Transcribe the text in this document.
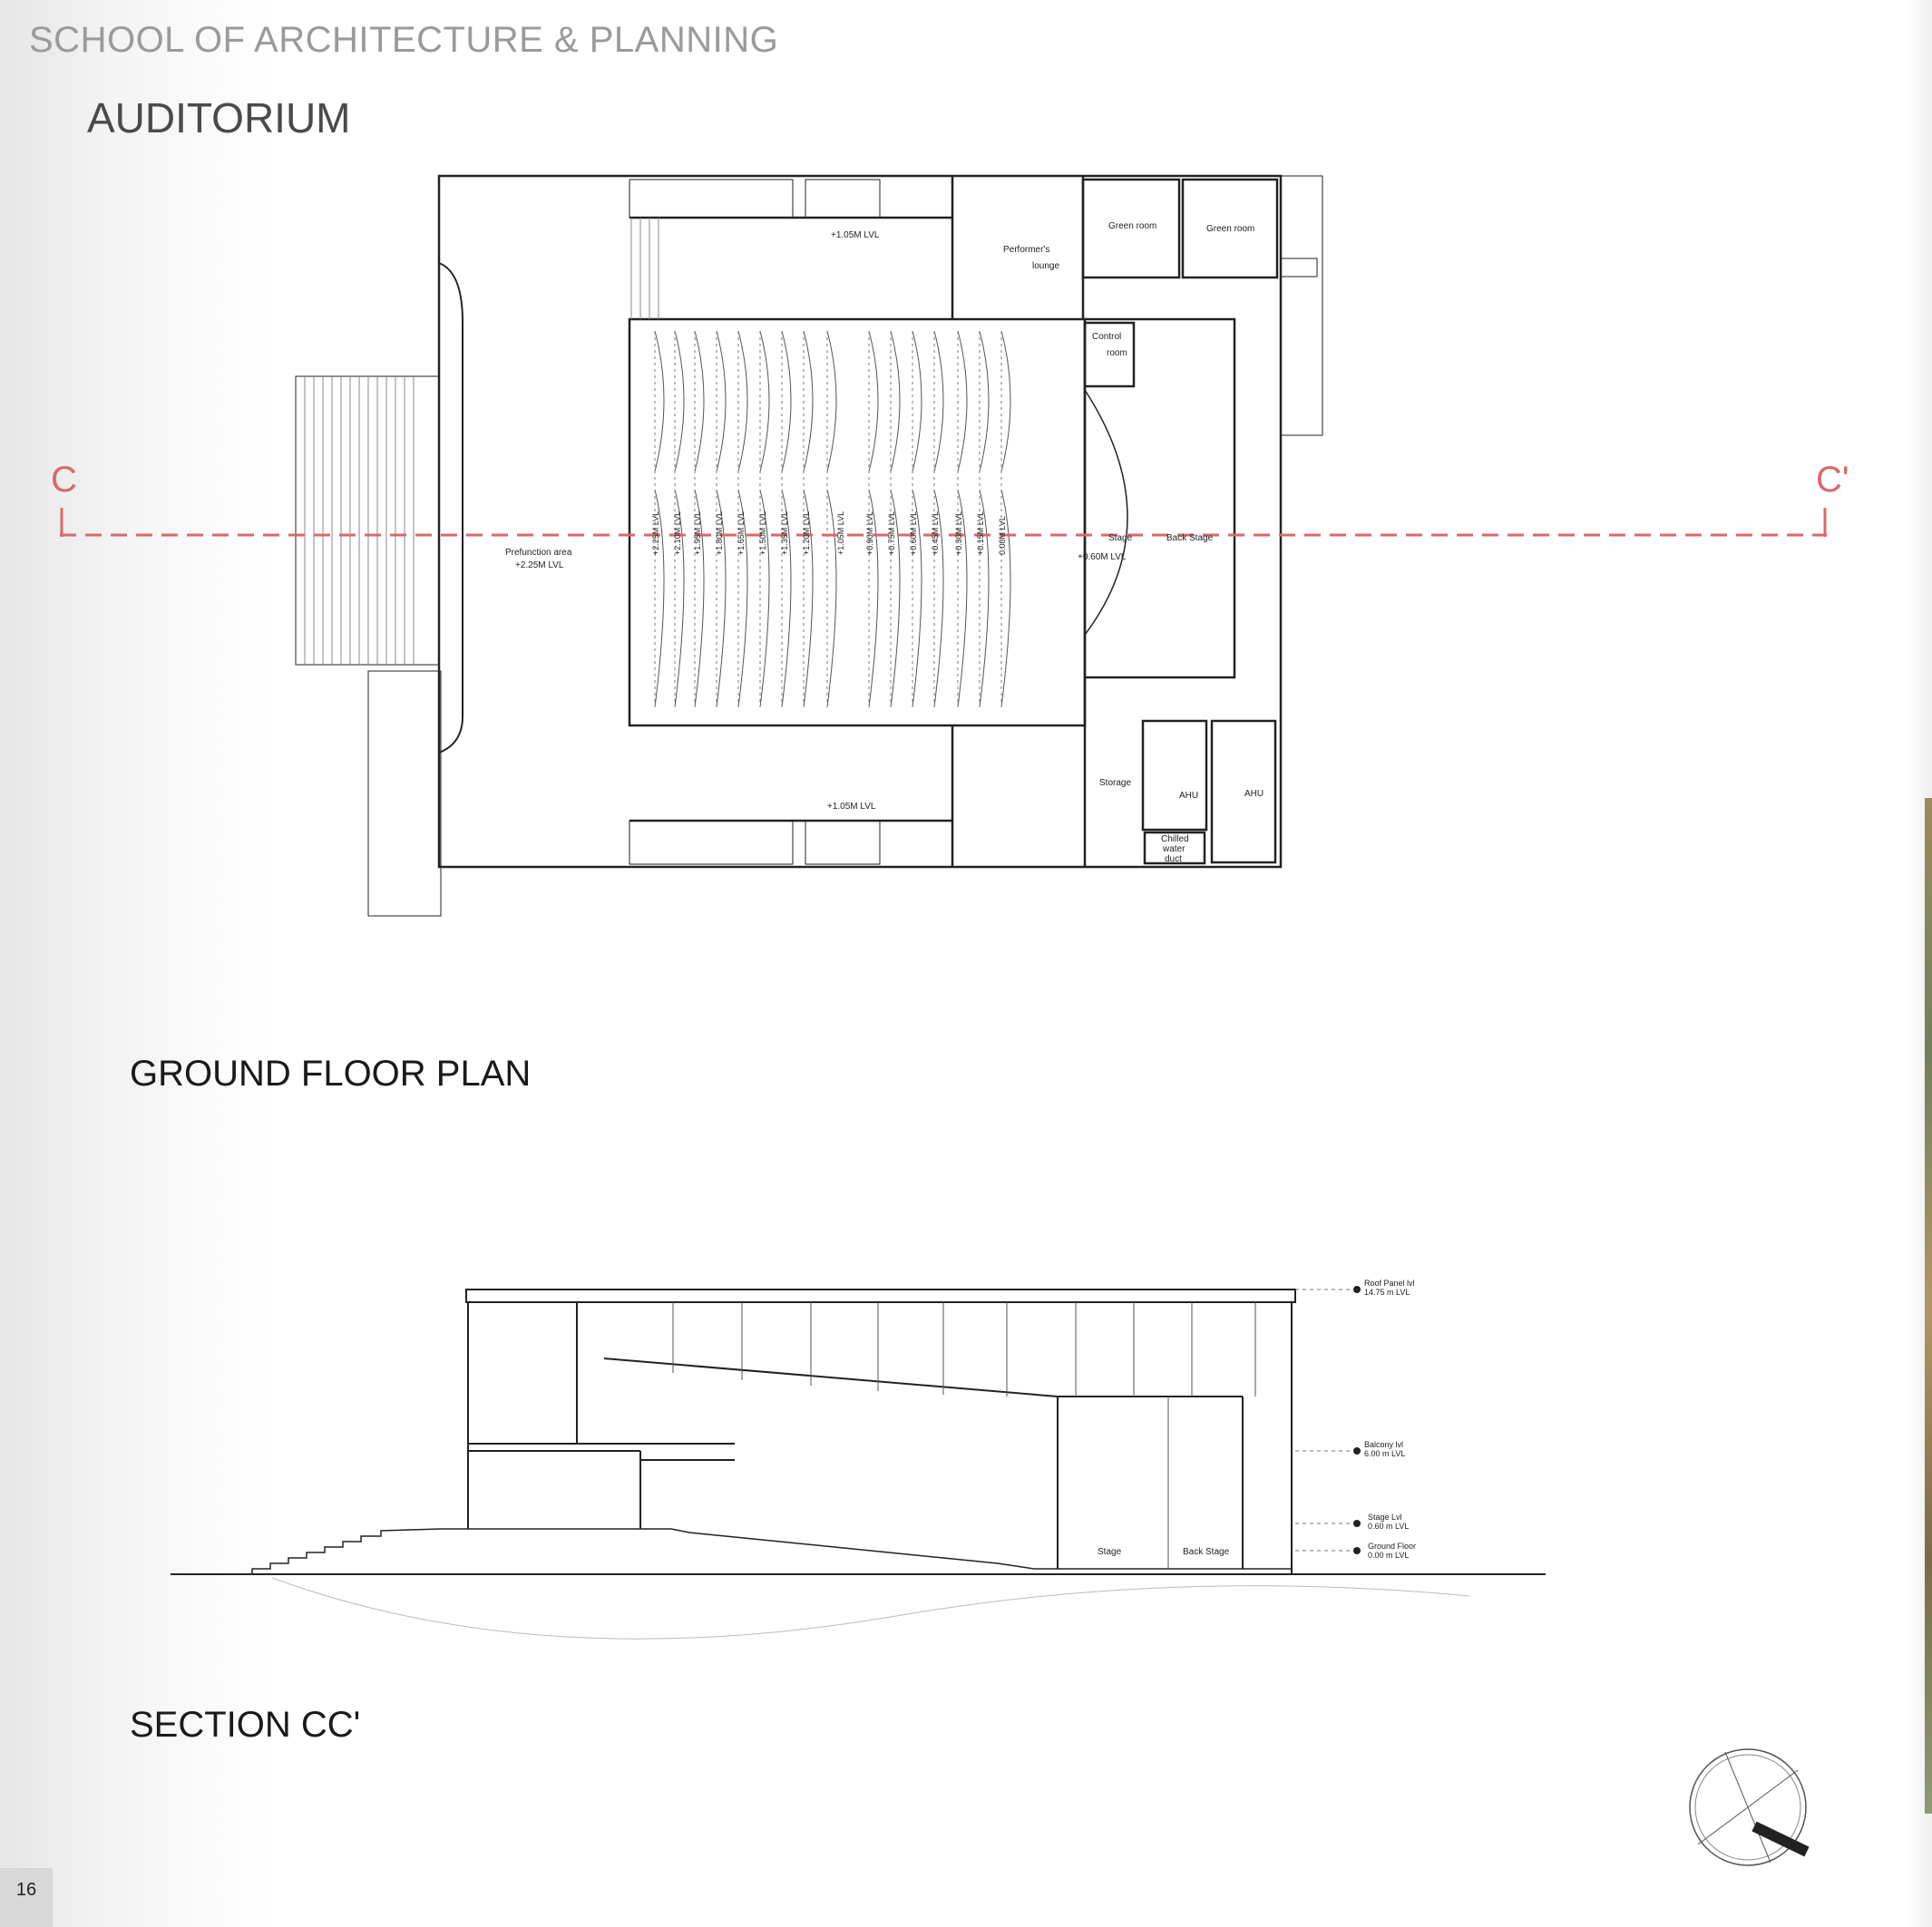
SCHOOL OF ARCHITECTURE & PLANNING
AUDITORIUM
C	C'
+1.05M LVL
+1.05M LVL
Prefunction area
+2.25M LVL
Performer's
lounge
Green room	Green room
Control
room
Stage
+0.60M LVL
Back Stage
Storage
AHU	AHU
Chilled
water
duct
+2.25M LVL +2.10M LVL +1.95M LVL +1.80M LVL +1.65M LVL +1.50M LVL +1.35M LVL +1.20M LVL	+1.05M LVL +0.90M LVL +0.75M LVL +0.60M LVL +0.45M LVL +0.30M LVL +0.15M LVL 0.00M LVL
GROUND FLOOR PLAN
Roof Panel lvl
14.75 m LVL
Balcony lvl
6.00 m LVL
Stage Lvl
0.60 m LVL
Ground Floor
0.00 m LVL
Stage	Back Stage
SECTION CC'
16
